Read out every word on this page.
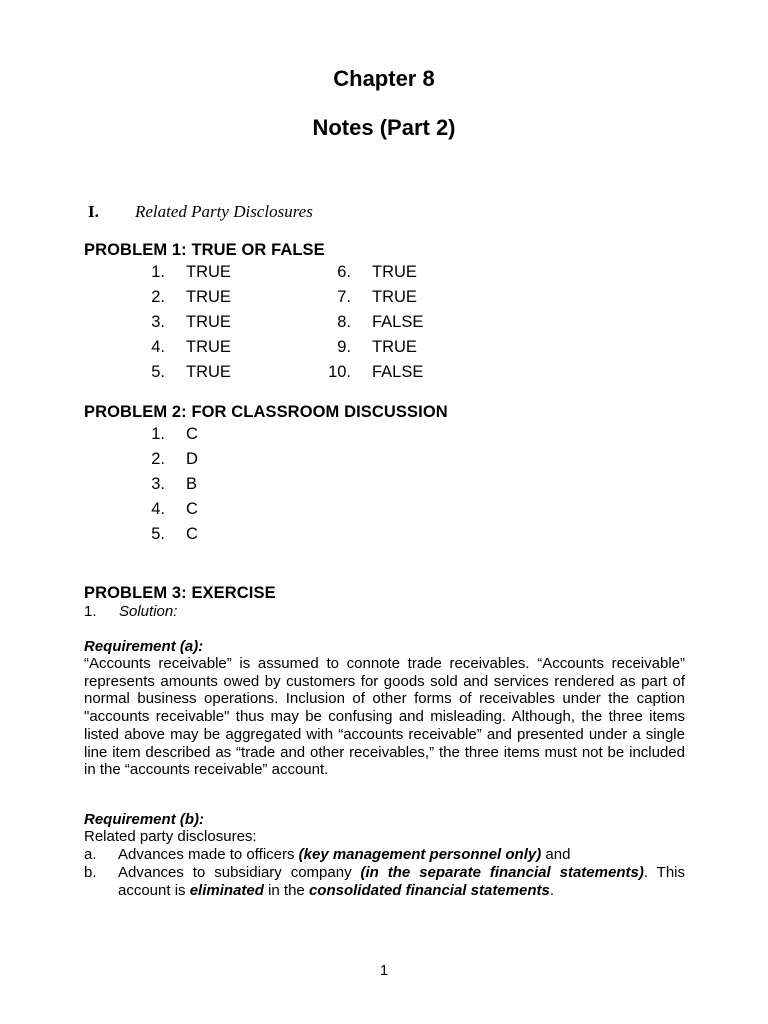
Chapter 8
Notes (Part 2)
I. Related Party Disclosures
PROBLEM 1: TRUE OR FALSE
1. TRUE
2. TRUE
3. TRUE
4. TRUE
5. TRUE
6. TRUE
7. TRUE
8. FALSE
9. TRUE
10. FALSE
PROBLEM 2: FOR CLASSROOM DISCUSSION
1. C
2. D
3. B
4. C
5. C
PROBLEM 3: EXERCISE
1. Solution:
Requirement (a):

“Accounts receivable” is assumed to connote trade receivables. “Accounts receivable” represents amounts owed by customers for goods sold and services rendered as part of normal business operations. Inclusion of other forms of receivables under the caption "accounts receivable" thus may be confusing and misleading. Although, the three items listed above may be aggregated with “accounts receivable” and presented under a single line item described as “trade and other receivables,” the three items must not be included in the “accounts receivable” account.

Requirement (b):
Related party disclosures:
a. Advances made to officers (key management personnel only) and
b. Advances to subsidiary company (in the separate financial statements). This account is eliminated in the consolidated financial statements.
1
